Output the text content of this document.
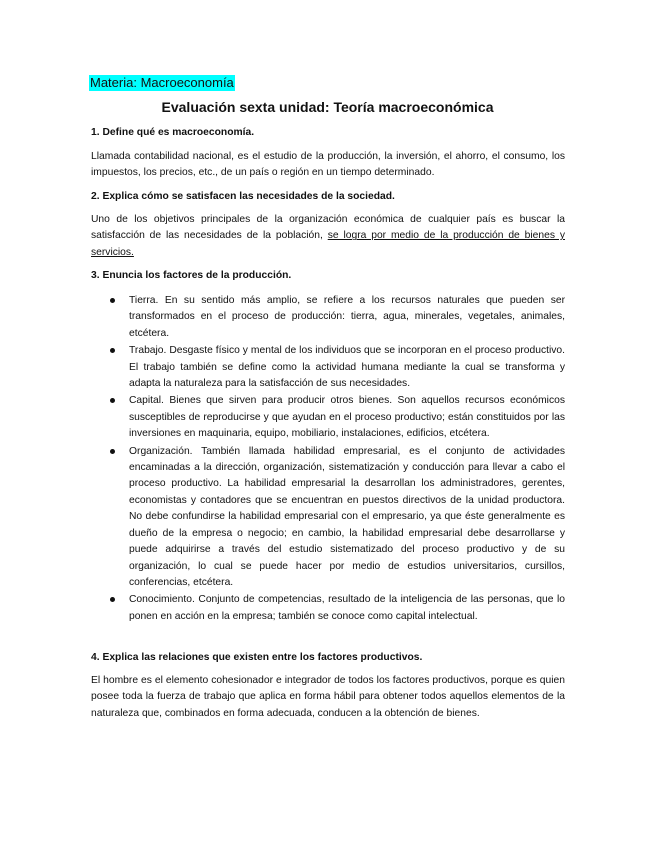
Materia: Macroeconomía
Evaluación sexta unidad: Teoría macroeconómica
1. Define qué es macroeconomía.
Llamada contabilidad nacional, es el estudio de la producción, la inversión, el ahorro, el consumo, los impuestos, los precios, etc., de un país o región en un tiempo determinado.
2. Explica cómo se satisfacen las necesidades de la sociedad.
Uno de los objetivos principales de la organización económica de cualquier país es buscar la satisfacción de las necesidades de la población, se logra por medio de la producción de bienes y servicios.
3. Enuncia los factores de la producción.
Tierra. En su sentido más amplio, se refiere a los recursos naturales que pueden ser transformados en el proceso de producción: tierra, agua, minerales, vegetales, animales, etcétera.
Trabajo. Desgaste físico y mental de los individuos que se incorporan en el proceso productivo. El trabajo también se define como la actividad humana mediante la cual se transforma y adapta la naturaleza para la satisfacción de sus necesidades.
Capital. Bienes que sirven para producir otros bienes. Son aquellos recursos económicos susceptibles de reproducirse y que ayudan en el proceso productivo; están constituidos por las inversiones en maquinaria, equipo, mobiliario, instalaciones, edificios, etcétera.
Organización. También llamada habilidad empresarial, es el conjunto de actividades encaminadas a la dirección, organización, sistematización y conducción para llevar a cabo el proceso productivo. La habilidad empresarial la desarrollan los administradores, gerentes, economistas y contadores que se encuentran en puestos directivos de la unidad productora. No debe confundirse la habilidad empresarial con el empresario, ya que éste generalmente es dueño de la empresa o negocio; en cambio, la habilidad empresarial debe desarrollarse y puede adquirirse a través del estudio sistematizado del proceso productivo y de su organización, lo cual se puede hacer por medio de estudios universitarios, cursillos, conferencias, etcétera.
Conocimiento. Conjunto de competencias, resultado de la inteligencia de las personas, que lo ponen en acción en la empresa; también se conoce como capital intelectual.
4. Explica las relaciones que existen entre los factores productivos.
El hombre es el elemento cohesionador e integrador de todos los factores productivos, porque es quien posee toda la fuerza de trabajo que aplica en forma hábil para obtener todos aquellos elementos de la naturaleza que, combinados en forma adecuada, conducen a la obtención de bienes.
